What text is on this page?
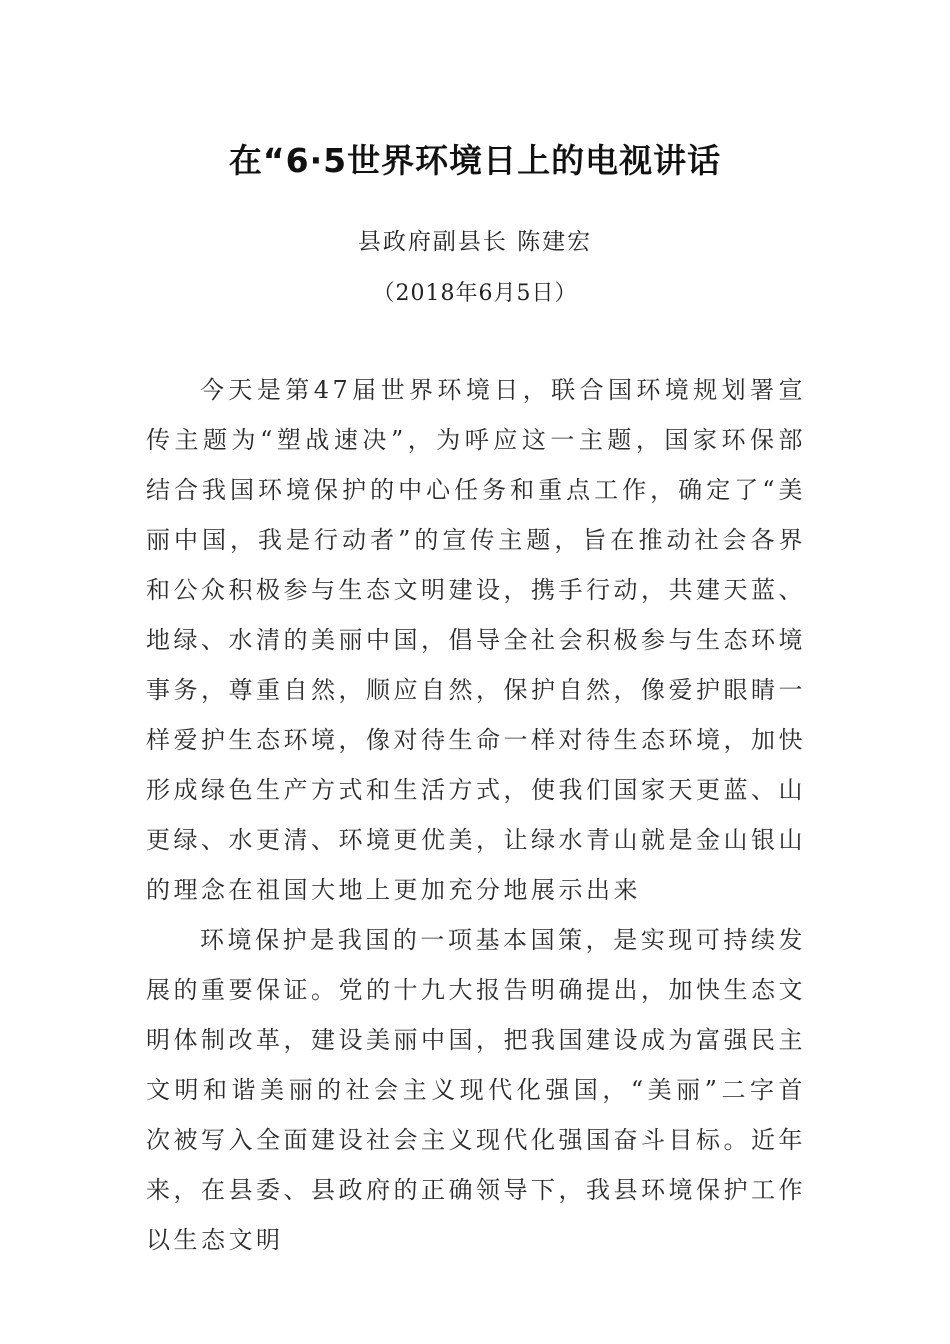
在“6·5世界环境日上的电视讲话

县政府副县长 陈建宏

（2018年6月5日）

今天是第47届世界环境日，联合国环境规划署宣传主题为“塑战速决”，为呼应这一主题，国家环保部结合我国环境保护的中心任务和重点工作，确定了“美丽中国，我是行动者”的宣传主题，旨在推动社会各界和公众积极参与生态文明建设，携手行动，共建天蓝、地绿、水清的美丽中国，倡导全社会积极参与生态环境事务，尊重自然，顺应自然，保护自然，像爱护眼睛一样爱护生态环境，像对待生命一样对待生态环境，加快形成绿色生产方式和生活方式，使我们国家天更蓝、山更绿、水更清、环境更优美，让绿水青山就是金山银山的理念在祖国大地上更加充分地展示出来

环境保护是我国的一项基本国策，是实现可持续发展的重要保证。党的十九大报告明确提出，加快生态文明体制改革，建设美丽中国，把我国建设成为富强民主文明和谐美丽的社会主义现代化强国，“美丽”二字首次被写入全面建设社会主义现代化强国奋斗目标。近年来，在县委、县政府的正确领导下，我县环境保护工作以生态文明
